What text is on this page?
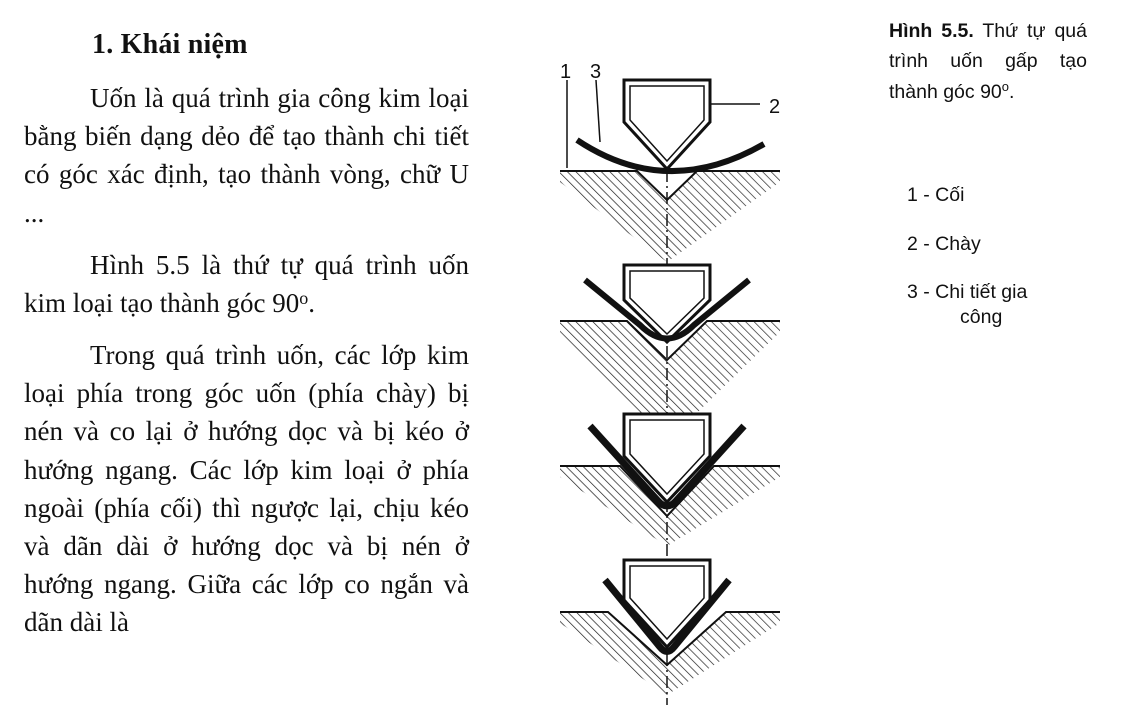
1. Khái niệm

Uốn là quá trình gia công kim loại bằng biến dạng dẻo để tạo thành chi tiết có góc xác định, tạo thành vòng, chữ U ...

Hình 5.5 là thứ tự quá trình uốn kim loại tạo thành góc 90$^o$.

Trong quá trình uốn, các lớp kim loại phía trong góc uốn (phía chày) bị nén và co lại ở hướng dọc và bị kéo ở hướng ngang. Các lớp kim loại ở phía ngoài (phía cối) thì ngược lại, chịu kéo và dãn dài ở hướng dọc và bị nén ở hướng ngang. Giữa các lớp co ngắn và dãn dài là

1 3
2
Hình 5.5. Thứ tự quá trình uốn gấp tạo thành góc 90$^o$.

1 - Cối

2 - Chày

3 - Chi tiết gia

công
